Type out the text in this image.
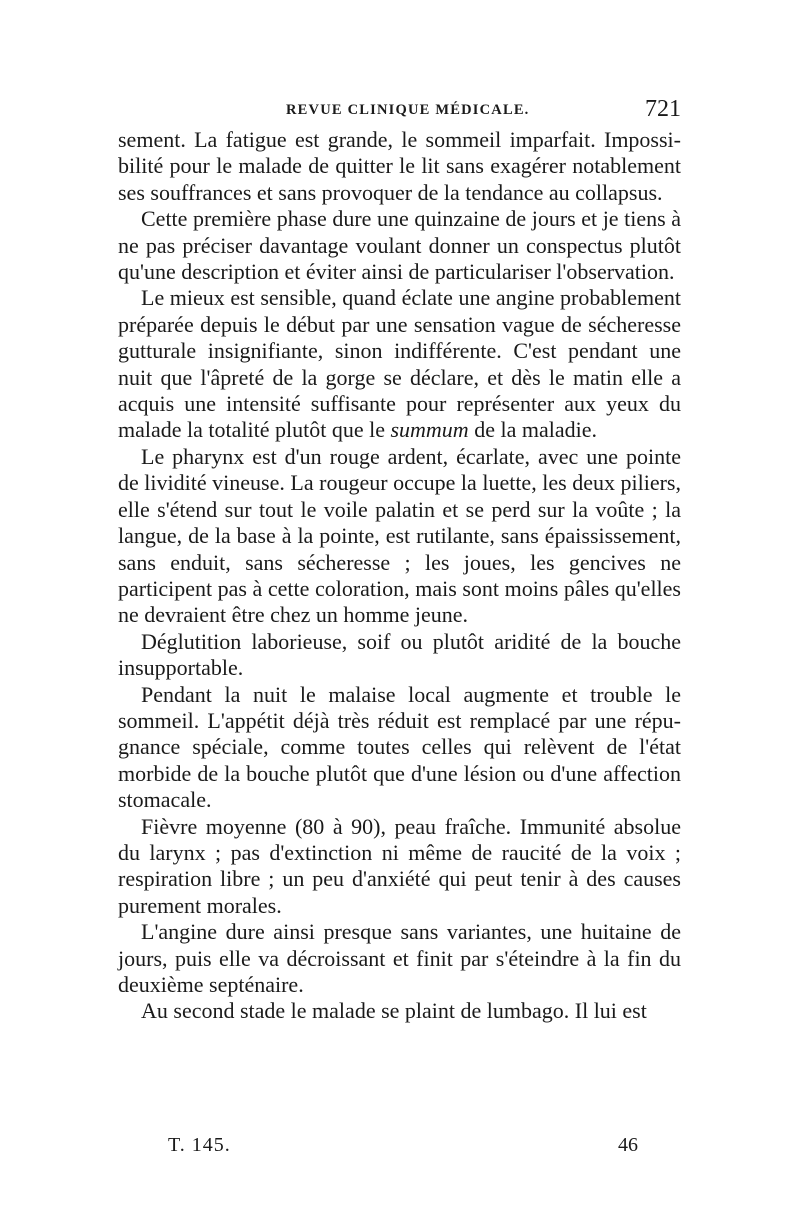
REVUE CLINIQUE MÉDICALE.	721

sement. La fatigue est grande, le sommeil imparfait. Impossibilité pour le malade de quitter le lit sans exagérer notablement ses souffrances et sans provoquer de la tendance au collapsus.

Cette première phase dure une quinzaine de jours et je tiens à ne pas préciser davantage voulant donner un conspectus plutôt qu'une description et éviter ainsi de particulariser l'observation.

Le mieux est sensible, quand éclate une angine probablement préparée depuis le début par une sensation vague de sécheresse gutturale insignifiante, sinon indifférente. C'est pendant une nuit que l'âpreté de la gorge se déclare, et dès le matin elle a acquis une intensité suffisante pour représenter aux yeux du malade la totalité plutôt que le summum de la maladie.

Le pharynx est d'un rouge ardent, écarlate, avec une pointe de lividité vineuse. La rougeur occupe la luette, les deux piliers, elle s'étend sur tout le voile palatin et se perd sur la voûte ; la langue, de la base à la pointe, est rutilante, sans épaississement, sans enduit, sans sécheresse ; les joues, les gencives ne participent pas à cette coloration, mais sont moins pâles qu'elles ne devraient être chez un homme jeune.

Déglutition laborieuse, soif ou plutôt aridité de la bouche insupportable.

Pendant la nuit le malaise local augmente et trouble le sommeil. L'appétit déjà très réduit est remplacé par une répugnance spéciale, comme toutes celles qui relèvent de l'état morbide de la bouche plutôt que d'une lésion ou d'une affection stomacale.

Fièvre moyenne (80 à 90), peau fraîche. Immunité absolue du larynx ; pas d'extinction ni même de raucité de la voix ; respiration libre ; un peu d'anxiété qui peut tenir à des causes purement morales.

L'angine dure ainsi presque sans variantes, une huitaine de jours, puis elle va décroissant et finit par s'éteindre à la fin du deuxième septénaire.

Au second stade le malade se plaint de lumbago. Il lui est

T. 145.	46
